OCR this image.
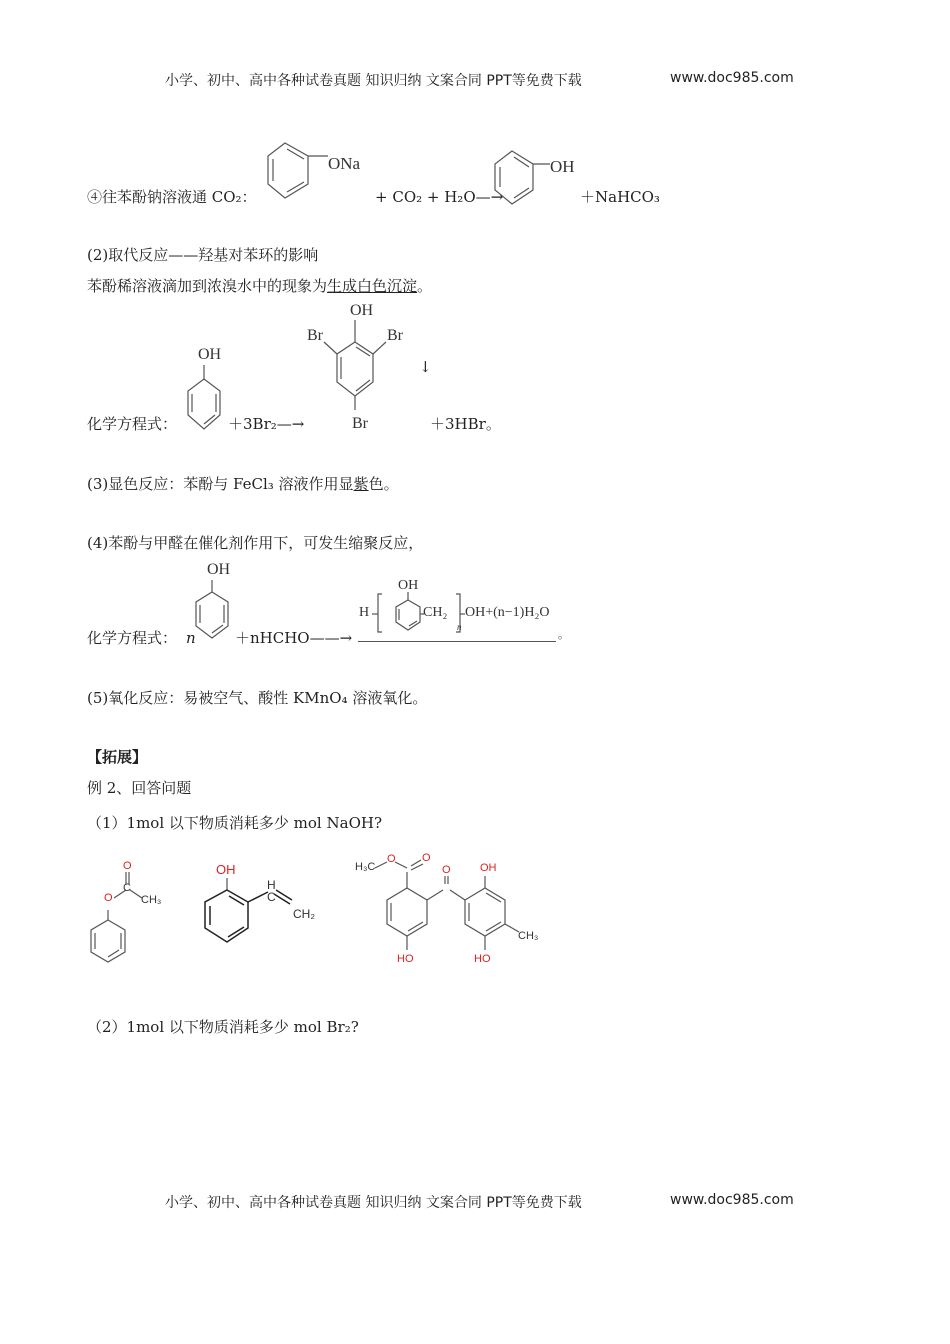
小学、初中、高中各种试卷真题 知识归纳 文案合同 PPT等免费下载	www.doc985.com
④往苯酚钠溶液通 CO₂：
ONa
+ CO₂ + H₂O—→
OH
＋NaHCO₃
(2)取代反应——羟基对苯环的影响
苯酚稀溶液滴加到浓溴水中的现象为生成白色沉淀。
化学方程式：
OH
＋3Br₂—→
OH
Br	Br
Br
↓
＋3HBr。
(3)显色反应：苯酚与 FeCl₃ 溶液作用显紫色。
(4)苯酚与甲醛在催化剂作用下，可发生缩聚反应，
化学方程式： n
OH
＋nHCHO——→
H
OH
CH₂
n
OH+(n−1)H₂O
。
(5)氧化反应：易被空气、酸性 KMnO₄ 溶液氧化。
【拓展】
例 2、回答问题
（1）1mol 以下物质消耗多少 mol NaOH?
O
C
O	CH₃
OH
H
C
CH₂
H₃C
O O
O	OH
HO	HO
CH₃
（2）1mol 以下物质消耗多少 mol Br₂?
小学、初中、高中各种试卷真题 知识归纳 文案合同 PPT等免费下载	www.doc985.com
